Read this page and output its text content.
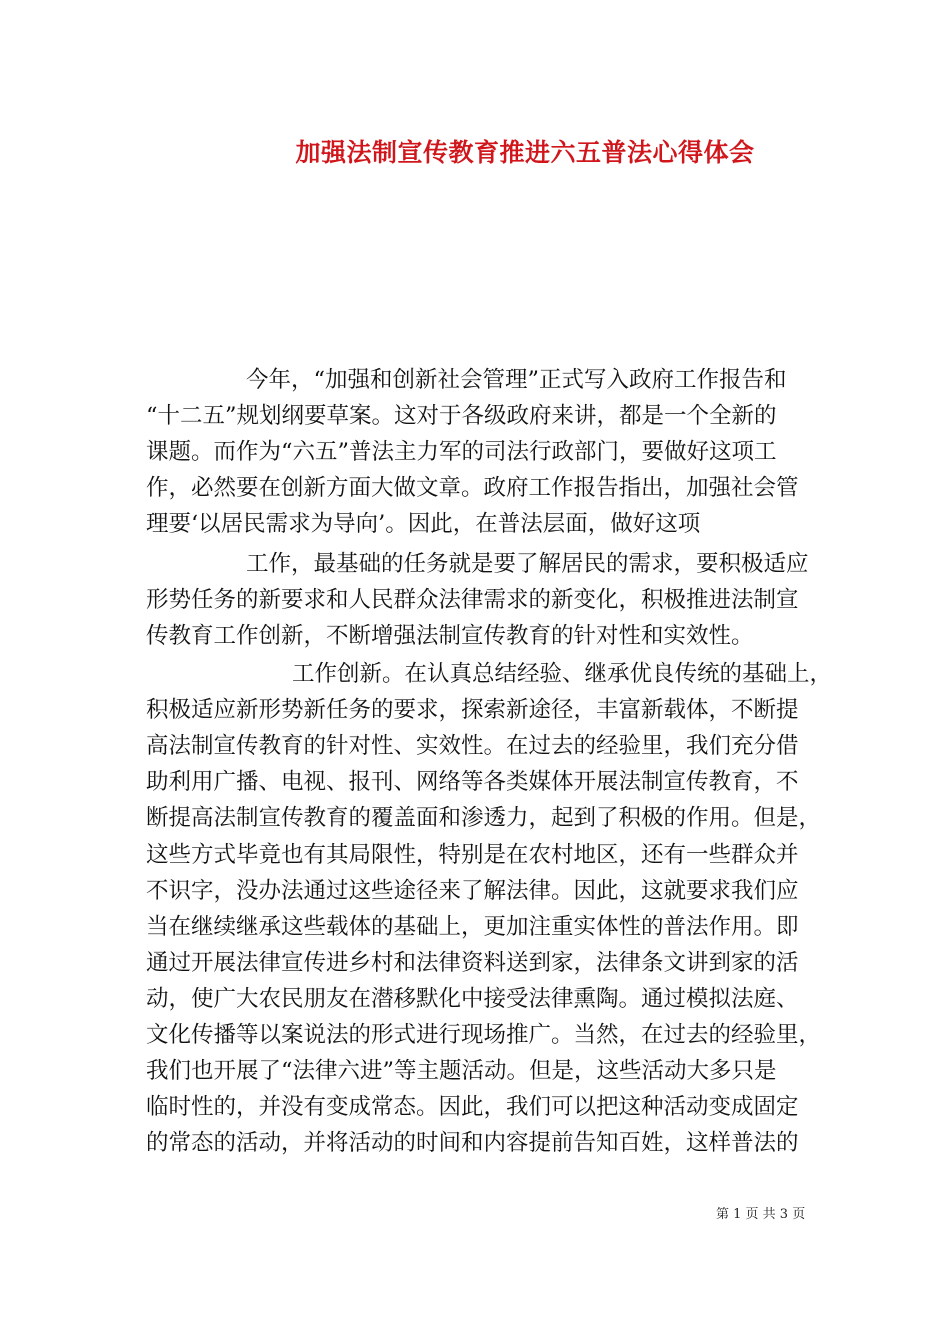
加强法制宣传教育推进六五普法心得体会
今年，“加强和创新社会管理”正式写入政府工作报告和
“十二五”规划纲要草案。这对于各级政府来讲，都是一个全新的
课题。而作为“六五”普法主力军的司法行政部门，要做好这项工
作，必然要在创新方面大做文章。政府工作报告指出，加强社会管
理要‘以居民需求为导向’。因此，在普法层面，做好这项
工作，最基础的任务就是要了解居民的需求，要积极适应
形势任务的新要求和人民群众法律需求的新变化，积极推进法制宣
传教育工作创新，不断增强法制宣传教育的针对性和实效性。
工作创新。在认真总结经验、继承优良传统的基础上，
积极适应新形势新任务的要求，探索新途径，丰富新载体，不断提
高法制宣传教育的针对性、实效性。在过去的经验里，我们充分借
助利用广播、电视、报刊、网络等各类媒体开展法制宣传教育，不
断提高法制宣传教育的覆盖面和渗透力，起到了积极的作用。但是，
这些方式毕竟也有其局限性，特别是在农村地区，还有一些群众并
不识字，没办法通过这些途径来了解法律。因此，这就要求我们应
当在继续继承这些载体的基础上，更加注重实体性的普法作用。即
通过开展法律宣传进乡村和法律资料送到家，法律条文讲到家的活
动，使广大农民朋友在潜移默化中接受法律熏陶。通过模拟法庭、
文化传播等以案说法的形式进行现场推广。当然，在过去的经验里，
我们也开展了“法律六进”等主题活动。但是，这些活动大多只是
临时性的，并没有变成常态。因此，我们可以把这种活动变成固定
的常态的活动，并将活动的时间和内容提前告知百姓，这样普法的
第 1 页 共 3 页
